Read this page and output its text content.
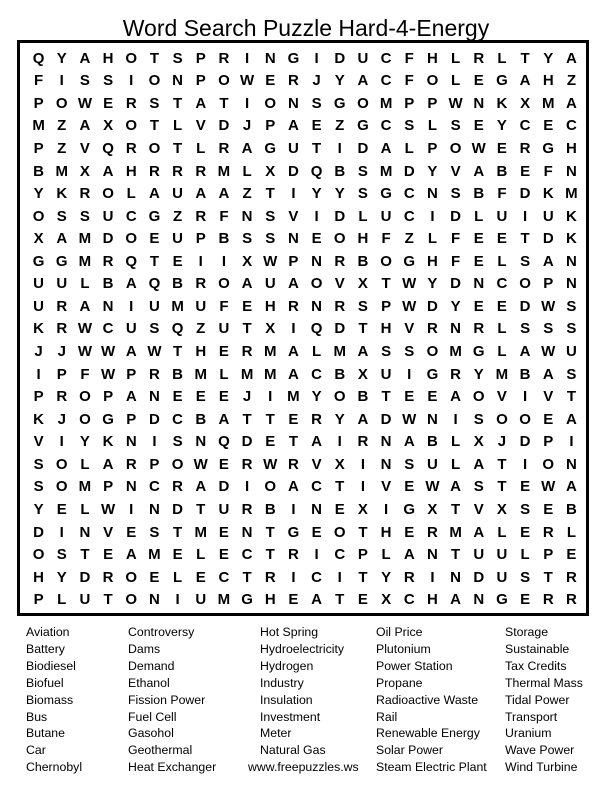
Word Search Puzzle Hard-4-Energy
Q Y A H O T S P R	I	N G	I	D U C F H L R L T Y A
F	I	S S	I	O N P O W E R J Y A C F O L E G A H Z
P O W E R S T A T	I	O N S G O M P P W N K X M A
M Z A X O T L V D J P A E Z G C S L S E Y C E C
P Z V Q R O T L R A G U T	I	D A L P O W E R G H
B M X A H R R R M L X D Q B S M D Y V A B E F N
Y K R O L A U A A Z T	I	Y Y S G C N S B F D K M
O S S U C G Z R F N S V	I	D L U C	I	D L U	I	U K
X A M D O E U P B S S N E O H F Z L F E E T D K
G G M R Q T E	I	I	X W P N R B O G H F E L S A N
U U L B A Q B R O A U A O V X T W Y D N C O P N
U R A N	I	U M U F E H R N R S P W D Y E E D W S
K R W C U S Q Z U T X	I	Q D T H V R N R L S S S
J J W W A W T H E R M A L M A S S O M G L A W U
I	P F W P R B M L M M A C B X U	I	G R Y M B A S
P R O P A N E E E J	I M Y O B T E E A O V	I	V T
K J O G P D C B A T T E R Y A D W N	I	S O O E A
V	I	Y K N	I	S N Q D E T A	I	R N A B L X J D P	I
S O L A R P O W E R W R V X	I	N S U L A T	I	O N
S O M P N C R A D	I	O A C T	I	V E W A S T E W A
Y E L W I	N D T U R B	I	N E X	I	G X T V X S E B
D	I	N V E S T M E N T G E O T H E R M A L E R L
O S T E A M E L E C T R	I	C P L A N T U U L P E
H Y D R O E L E C T R	I	C	I	T Y R	I	N D U S T R
P L U T O N	I	U M G H E A T E X C H A N G E R R
Aviation
Battery
Biodiesel
Biofuel
Biomass
Bus
Butane
Car
Chernobyl
Controversy
Dams
Demand
Ethanol
Fission Power
Fuel Cell
Gasohol
Geothermal
Heat Exchanger
Hot Spring
Hydroelectricity
Hydrogen
Industry
Insulation
Investment
Meter
Natural Gas
www.freepuzzles.ws
Oil Price
Plutonium
Power Station
Propane
Radioactive Waste
Rail
Renewable Energy
Solar Power
Steam Electric Plant
Storage
Sustainable
Tax Credits
Thermal Mass
Tidal Power
Transport
Uranium
Wave Power
Wind Turbine
